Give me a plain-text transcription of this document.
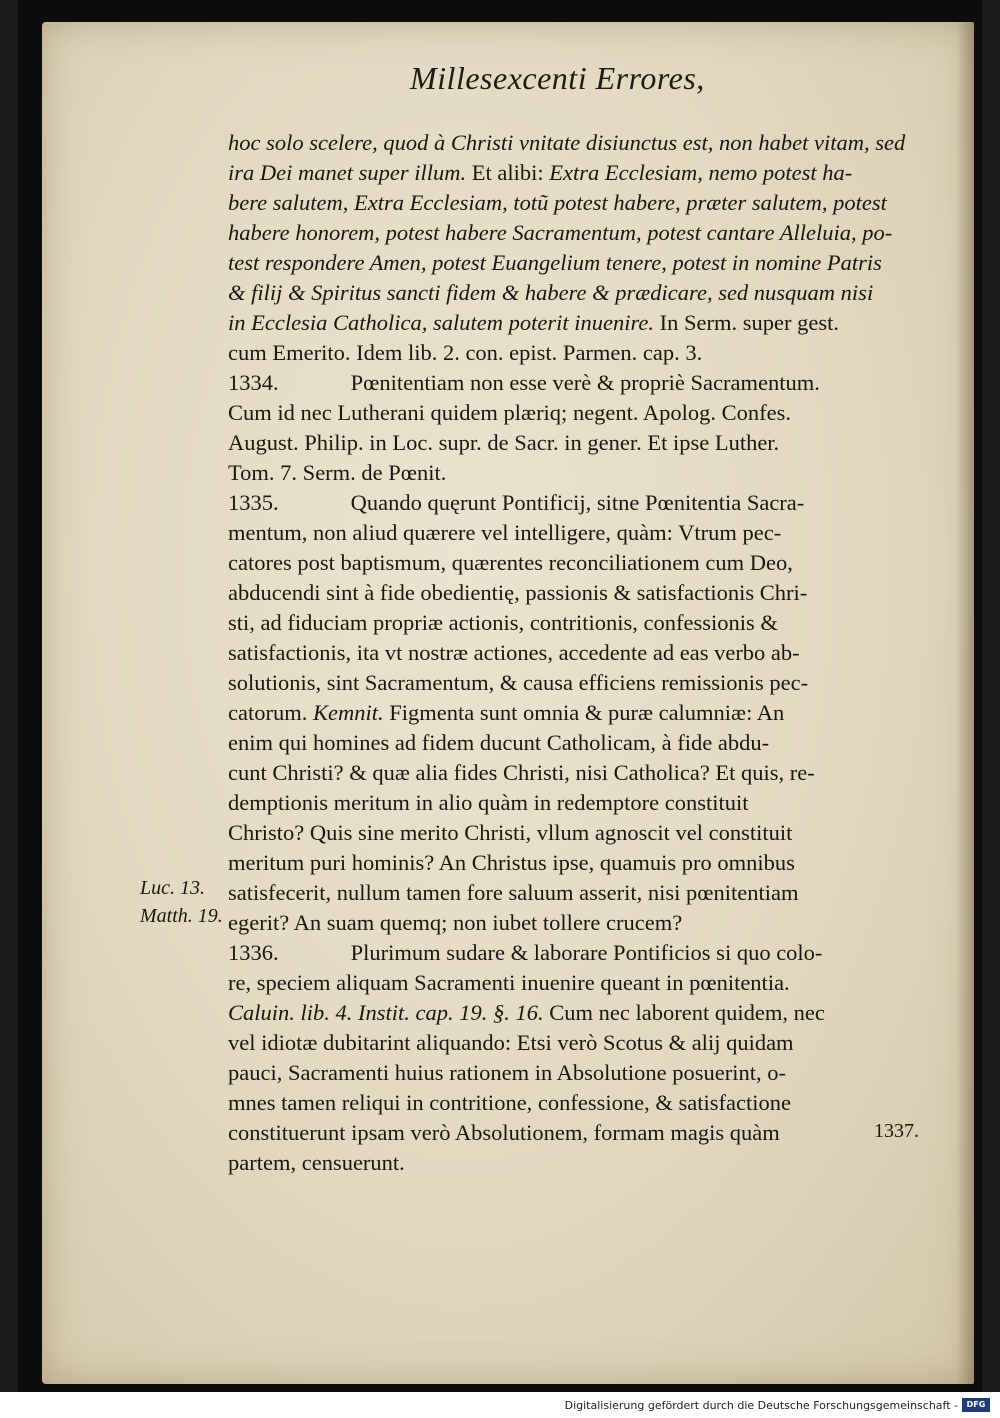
Millesexcenti Errores,
hoc solo scelere, quod à Christi vnitate disiunctus est, non habet vitam, sed
ira Dei manet super illum. Et alibi: Extra Ecclesiam, nemo potest ha-
bere salutem, Extra Ecclesiam, totũ potest habere, præter salutem, potest
habere honorem, potest habere Sacramentum, potest cantare Alleluia, po-
test respondere Amen, potest Euangelium tenere, potest in nomine Patris
& filij & Spiritus sancti fidem & habere & prædicare, sed nusquam nisi
in Ecclesia Catholica, salutem poterit inuenire. In Serm. super gest.
cum Emerito. Idem lib. 2. con. epist. Parmen. cap. 3.
1334.	Pœnitentiam non esse verè & propriè Sacramentum.
Cum id nec Lutherani quidem plæriq; negent. Apolog. Confes.
August. Philip. in Loc. supr. de Sacr. in gener. Et ipse Luther.
Tom. 7. Serm. de Pœnit.
1335.	Quando quęrunt Pontificij, sitne Pœnitentia Sacra-
mentum, non aliud quærere vel intelligere, quàm: Vtrum pec-
catores post baptismum, quærentes reconciliationem cum Deo,
abducendi sint à fide obedientię, passionis & satisfactionis Chri-
sti, ad fiduciam propriæ actionis, contritionis, confessionis &
satisfactionis, ita vt nostræ actiones, accedente ad eas verbo ab-
solutionis, sint Sacramentum, & causa efficiens remissionis pec-
catorum. Kemnit. Figmenta sunt omnia & puræ calumniæ: An
enim qui homines ad fidem ducunt Catholicam, à fide abdu-
cunt Christi? & quæ alia fides Christi, nisi Catholica? Et quis, re-
demptionis meritum in alio quàm in redemptore constituit
Christo? Quis sine merito Christi, vllum agnoscit vel constituit
meritum puri hominis? An Christus ipse, quamuis pro omnibus
satisfecerit, nullum tamen fore saluum asserit, nisi pœnitentiam
egerit? An suam quemq; non iubet tollere crucem?
1336.	Plurimum sudare & laborare Pontificios si quo colo-
re, speciem aliquam Sacramenti inuenire queant in pœnitentia.
Caluin. lib. 4. Instit. cap. 19. §. 16. Cum nec laborent quidem, nec
vel idiotæ dubitarint aliquando: Etsi verò Scotus & alij quidam
pauci, Sacramenti huius rationem in Absolutione posuerint, o-
mnes tamen reliqui in contritione, confessione, & satisfactione
constituerunt ipsam verò Absolutionem, formam magis quàm
partem, censuerunt.
Luc. 13.
Matth. 19.
1337.
Digitalisierung gefördert durch die Deutsche Forschungsgemeinschaft -	DFG
